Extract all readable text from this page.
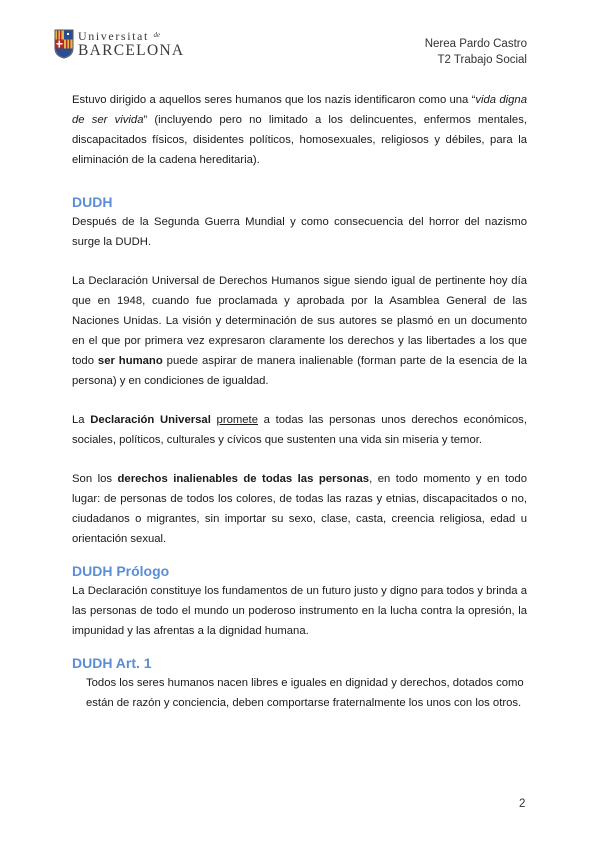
Universitat $^{de}$
BARCELONA	Nerea Pardo Castro
T2 Trabajo Social

Estuvo dirigido a aquellos seres humanos que los nazis identificaron como una “vida digna de ser vivida” (incluyendo pero no limitado a los delincuentes, enfermos mentales, discapacitados físicos, disidentes políticos, homosexuales, religiosos y débiles, para la eliminación de la cadena hereditaria).

DUDH

Después de la Segunda Guerra Mundial y como consecuencia del horror del nazismo surge la DUDH.

La Declaración Universal de Derechos Humanos sigue siendo igual de pertinente hoy día que en 1948, cuando fue proclamada y aprobada por la Asamblea General de las Naciones Unidas. La visión y determinación de sus autores se plasmó en un documento en el que por primera vez expresaron claramente los derechos y las libertades a los que todo ser humano puede aspirar de manera inalienable (forman parte de la esencia de la persona) y en condiciones de igualdad.

La Declaración Universal promete a todas las personas unos derechos económicos, sociales, políticos, culturales y cívicos que sustenten una vida sin miseria y temor.

Son los derechos inalienables de todas las personas, en todo momento y en todo lugar: de personas de todos los colores, de todas las razas y etnias, discapacitados o no, ciudadanos o migrantes, sin importar su sexo, clase, casta, creencia religiosa, edad u orientación sexual.

DUDH Prólogo

La Declaración constituye los fundamentos de un futuro justo y digno para todos y brinda a las personas de todo el mundo un poderoso instrumento en la lucha contra la opresión, la impunidad y las afrentas a la dignidad humana.

DUDH Art. 1

Todos los seres humanos nacen libres e iguales en dignidad y derechos, dotados como están de razón y conciencia, deben comportarse fraternalmente los unos con los otros.

2
